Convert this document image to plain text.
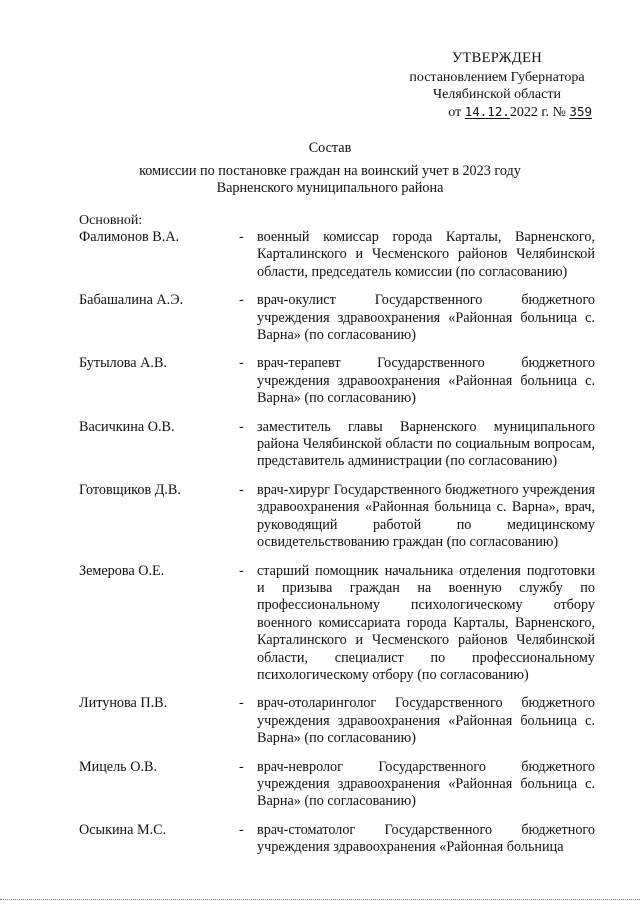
УТВЕРЖДЕН
постановлением Губернатора
Челябинской области
от 14.12.2022 г. № 359
Состав
комиссии по постановке граждан на воинский учет в 2023 году
Варненского муниципального района
Основной:
Фалимонов В.А.	- военный комиссар города Карталы, Варненского, Карталинского и Чесменского районов Челябинской области, председатель комиссии (по согласованию)
Бабашалина А.Э.	- врач-окулист Государственного бюджетного учреждения здравоохранения «Районная больница с. Варна» (по согласованию)
Бутылова А.В.	- врач-терапевт Государственного бюджетного учреждения здравоохранения «Районная больница с. Варна» (по согласованию)
Васичкина О.В.	- заместитель главы Варненского муниципального района Челябинской области по социальным вопросам, представитель администрации (по согласованию)
Готовщиков Д.В.	- врач-хирург Государственного бюджетного учреждения здравоохранения «Районная больница с. Варна», врач, руководящий работой по медицинскому освидетельствованию граждан (по согласованию)
Земерова О.Е.	- старший помощник начальника отделения подготовки и призыва граждан на военную службу по профессиональному психологическому отбору военного комиссариата города Карталы, Варненского, Карталинского и Чесменского районов Челябинской области, специалист по профессиональному психологическому отбору (по согласованию)
Литунова П.В.	- врач-отоларинголог Государственного бюджетного учреждения здравоохранения «Районная больница с. Варна» (по согласованию)
Мицель О.В.	- врач-невролог Государственного бюджетного учреждения здравоохранения «Районная больница с. Варна» (по согласованию)
Осыкина М.С.	- врач-стоматолог Государственного бюджетного учреждения здравоохранения «Районная больница
